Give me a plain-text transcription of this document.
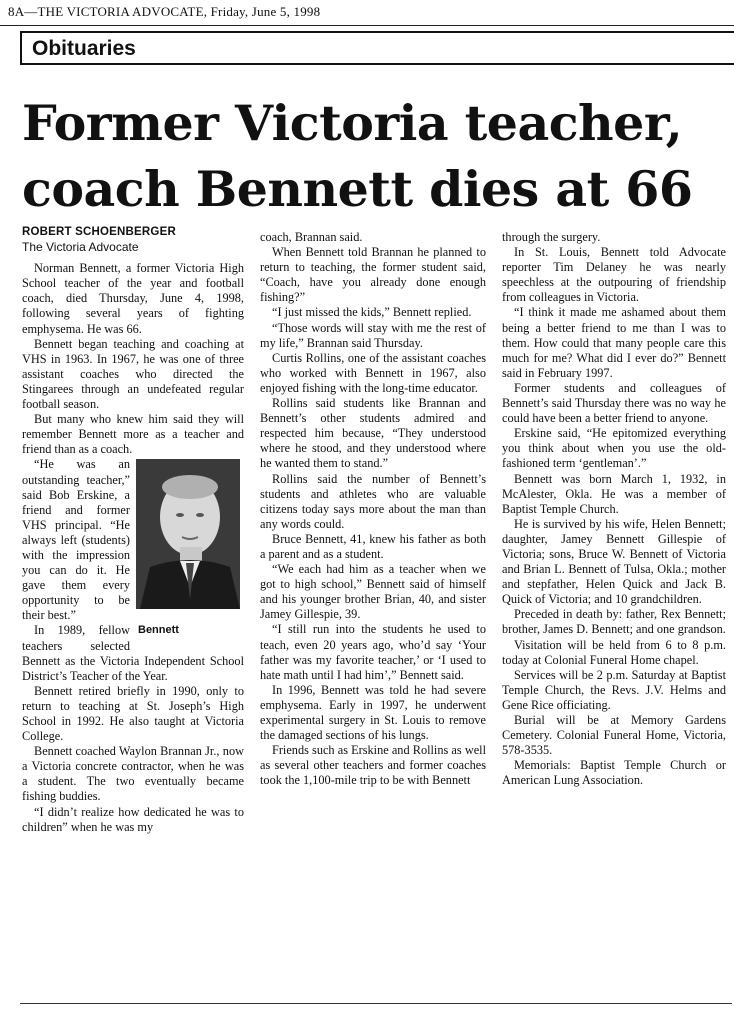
8A—THE VICTORIA ADVOCATE, Friday, June 5, 1998
Obituaries
Former Victoria teacher,
coach Bennett dies at 66

ROBERT SCHOENBERGER

The Victoria Advocate

Norman Bennett, a former Victoria High School teacher of the year and football coach, died Thursday, June 4, 1998, following several years of fighting emphysema. He was 66.

Bennett began teaching and coaching at VHS in 1963. In 1967, he was one of three assistant coaches who directed the Stingarees through an undefeated regular football season.

But many who knew him said they will remember Bennett more as a teacher and friend than as a coach.

Bennett

“He was an outstanding teacher,” said Bob Erskine, a friend and former VHS principal. “He always left (students) with the impression you can do it. He gave them every opportunity to be their best.”

In 1989, fellow teachers selected Bennett as the Victoria Independent School District’s Teacher of the Year.

Bennett retired briefly in 1990, only to return to teaching at St. Joseph’s High School in 1992. He also taught at Victoria College.

Bennett coached Waylon Brannan Jr., now a Victoria concrete contractor, when he was a student. The two eventually became fishing buddies.

“I didn’t realize how dedicated he was to children” when he was my

coach, Brannan said.

When Bennett told Brannan he planned to return to teaching, the former student said, “Coach, have you already done enough fishing?”

“I just missed the kids,” Bennett replied.

“Those words will stay with me the rest of my life,” Brannan said Thursday.

Curtis Rollins, one of the assistant coaches who worked with Bennett in 1967, also enjoyed fishing with the long-time educator.

Rollins said students like Brannan and Bennett’s other students admired and respected him because, “They understood where he stood, and they understood where he wanted them to stand.”

Rollins said the number of Bennett’s students and athletes who are valuable citizens today says more about the man than any words could.

Bruce Bennett, 41, knew his father as both a parent and as a student.

“We each had him as a teacher when we got to high school,” Bennett said of himself and his younger brother Brian, 40, and sister Jamey Gillespie, 39.

“I still run into the students he used to teach, even 20 years ago, who’d say ‘Your father was my favorite teacher,’ or ‘I used to hate math until I had him’,” Bennett said.

In 1996, Bennett was told he had severe emphysema. Early in 1997, he underwent experimental surgery in St. Louis to remove the damaged sections of his lungs.

Friends such as Erskine and Rollins as well as several other teachers and former coaches took the 1,100-mile trip to be with Bennett

through the surgery.

In St. Louis, Bennett told Advocate reporter Tim Delaney he was nearly speechless at the outpouring of friendship from colleagues in Victoria.

“I think it made me ashamed about them being a better friend to me than I was to them. How could that many people care this much for me? What did I ever do?” Bennett said in February 1997.

Former students and colleagues of Bennett’s said Thursday there was no way he could have been a better friend to anyone.

Erskine said, “He epitomized everything you think about when you use the old-fashioned term ‘gentleman’.”

Bennett was born March 1, 1932, in McAlester, Okla. He was a member of Baptist Temple Church.

He is survived by his wife, Helen Bennett; daughter, Jamey Bennett Gillespie of Victoria; sons, Bruce W. Bennett of Victoria and Brian L. Bennett of Tulsa, Okla.; mother and stepfather, Helen Quick and Jack B. Quick of Victoria; and 10 grandchildren.

Preceded in death by: father, Rex Bennett; brother, James D. Bennett; and one grandson.

Visitation will be held from 6 to 8 p.m. today at Colonial Funeral Home chapel.

Services will be 2 p.m. Saturday at Baptist Temple Church, the Revs. J.V. Helms and Gene Rice officiating.

Burial will be at Memory Gardens Cemetery. Colonial Funeral Home, Victoria, 578-3535.

Memorials: Baptist Temple Church or American Lung Association.
